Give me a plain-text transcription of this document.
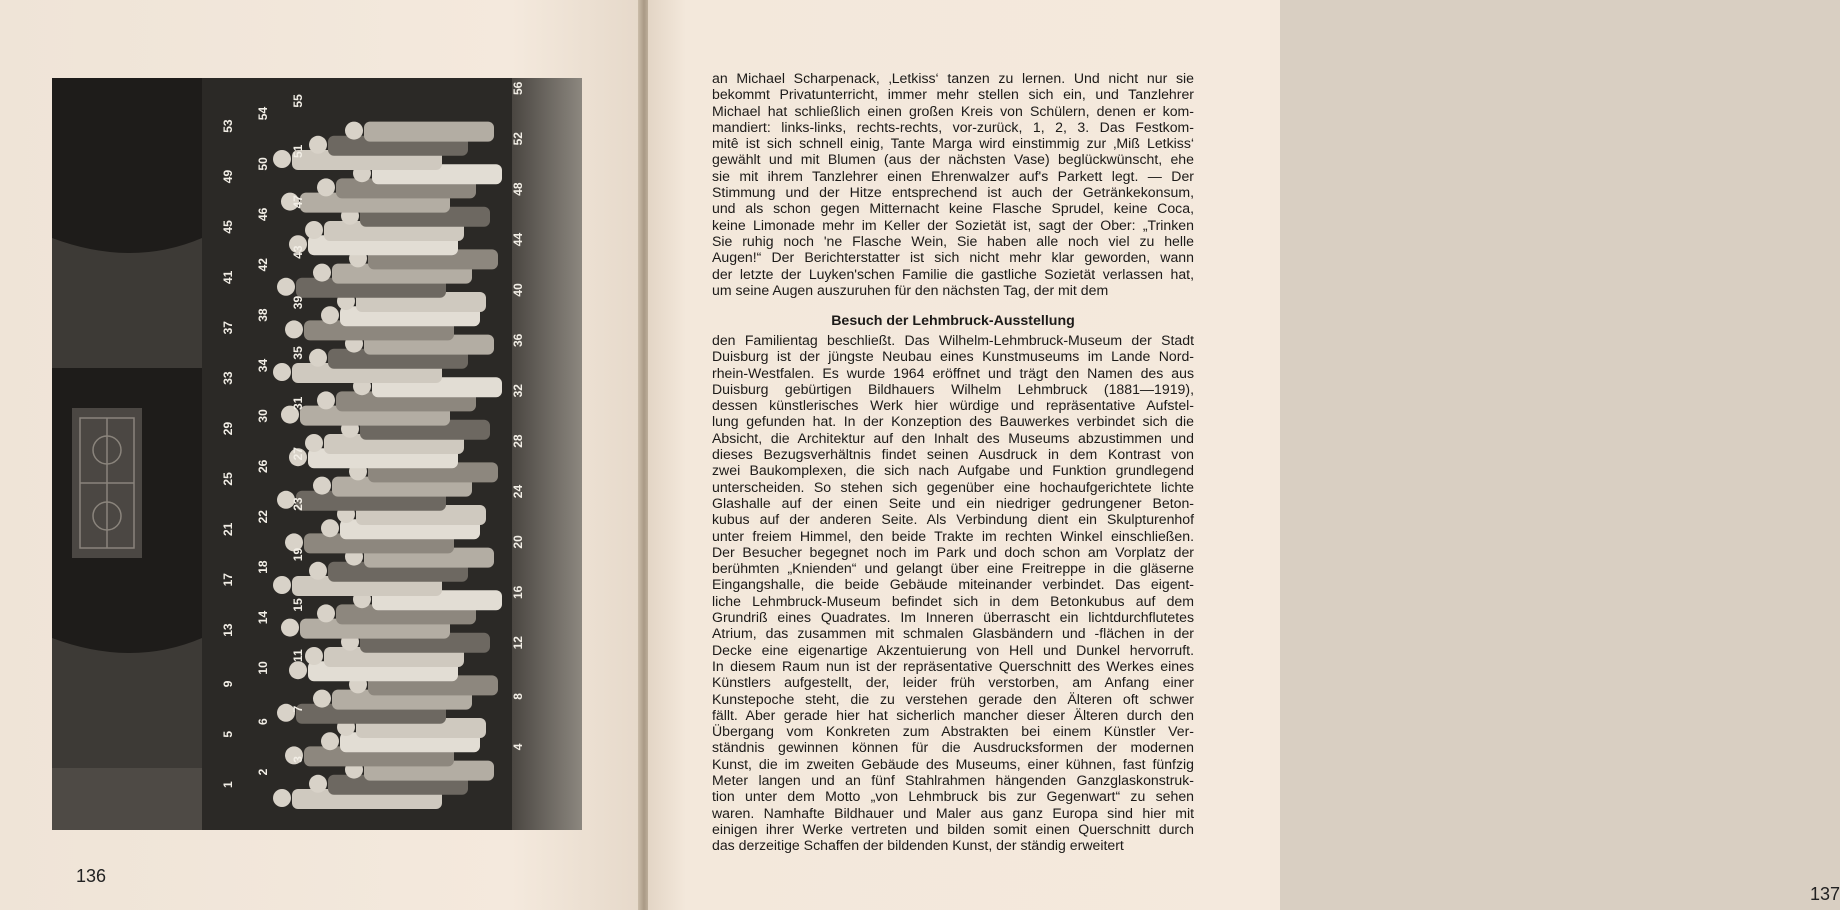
1
2
3
4
5
6
7
8
9
10
11
12
13
14
15
16
17
18
19
20
21
22
23
24
25
26
27
28
29
30
31
32
33
34
35
36
37
38
39
40
41
42
43
44
45
46
47
48
49
50
51
52
53
54
55
56
136
137
an Michael Scharpenack, ‚Letkiss‘ tanzen zu lernen. Und nicht nur sie
bekommt Privatunterricht, immer mehr stellen sich ein, und Tanzlehrer
Michael hat schließlich einen großen Kreis von Schülern, denen er kom-
mandiert: links-links, rechts-rechts, vor-zurück, 1, 2, 3. Das Festkom-
mitê ist sich schnell einig, Tante Marga wird einstimmig zur ‚Miß Letkiss‘
gewählt und mit Blumen (aus der nächsten Vase) beglückwünscht, ehe
sie mit ihrem Tanzlehrer einen Ehrenwalzer auf's Parkett legt. — Der
Stimmung und der Hitze entsprechend ist auch der Getränkekonsum,
und als schon gegen Mitternacht keine Flasche Sprudel, keine Coca,
keine Limonade mehr im Keller der Sozietät ist, sagt der Ober: „Trinken
Sie ruhig noch 'ne Flasche Wein, Sie haben alle noch viel zu helle
Augen!“ Der Berichterstatter ist sich nicht mehr klar geworden, wann
der letzte der Luyken'schen Familie die gastliche Sozietät verlassen hat,
um seine Augen auszuruhen für den nächsten Tag, der mit dem
Besuch der Lehmbruck-Ausstellung
den Familientag beschließt. Das Wilhelm-Lehmbruck-Museum der Stadt
Duisburg ist der jüngste Neubau eines Kunstmuseums im Lande Nord-
rhein-Westfalen. Es wurde 1964 eröffnet und trägt den Namen des aus
Duisburg gebürtigen Bildhauers Wilhelm Lehmbruck (1881—1919),
dessen künstlerisches Werk hier würdige und repräsentative Aufstel-
lung gefunden hat. In der Konzeption des Bauwerkes verbindet sich die
Absicht, die Architektur auf den Inhalt des Museums abzustimmen und
dieses Bezugsverhältnis findet seinen Ausdruck in dem Kontrast von
zwei Baukomplexen, die sich nach Aufgabe und Funktion grundlegend
unterscheiden. So stehen sich gegenüber eine hochaufgerichtete lichte
Glashalle auf der einen Seite und ein niedriger gedrungener Beton-
kubus auf der anderen Seite. Als Verbindung dient ein Skulpturenhof
unter freiem Himmel, den beide Trakte im rechten Winkel einschließen.
Der Besucher begegnet noch im Park und doch schon am Vorplatz der
berühmten „Knienden“ und gelangt über eine Freitreppe in die gläserne
Eingangshalle, die beide Gebäude miteinander verbindet. Das eigent-
liche Lehmbruck-Museum befindet sich in dem Betonkubus auf dem
Grundriß eines Quadrates. Im Inneren überrascht ein lichtdurchflutetes
Atrium, das zusammen mit schmalen Glasbändern und -flächen in der
Decke eine eigenartige Akzentuierung von Hell und Dunkel hervorruft.
In diesem Raum nun ist der repräsentative Querschnitt des Werkes eines
Künstlers aufgestellt, der, leider früh verstorben, am Anfang einer
Kunstepoche steht, die zu verstehen gerade den Älteren oft schwer
fällt. Aber gerade hier hat sicherlich mancher dieser Älteren durch den
Übergang vom Konkreten zum Abstrakten bei einem Künstler Ver-
ständnis gewinnen können für die Ausdrucksformen der modernen
Kunst, die im zweiten Gebäude des Museums, einer kühnen, fast fünfzig
Meter langen und an fünf Stahlrahmen hängenden Ganzglaskonstruk-
tion unter dem Motto „von Lehmbruck bis zur Gegenwart“ zu sehen
waren. Namhafte Bildhauer und Maler aus ganz Europa sind hier mit
einigen ihrer Werke vertreten und bilden somit einen Querschnitt durch
das derzeitige Schaffen der bildenden Kunst, der ständig erweitert
